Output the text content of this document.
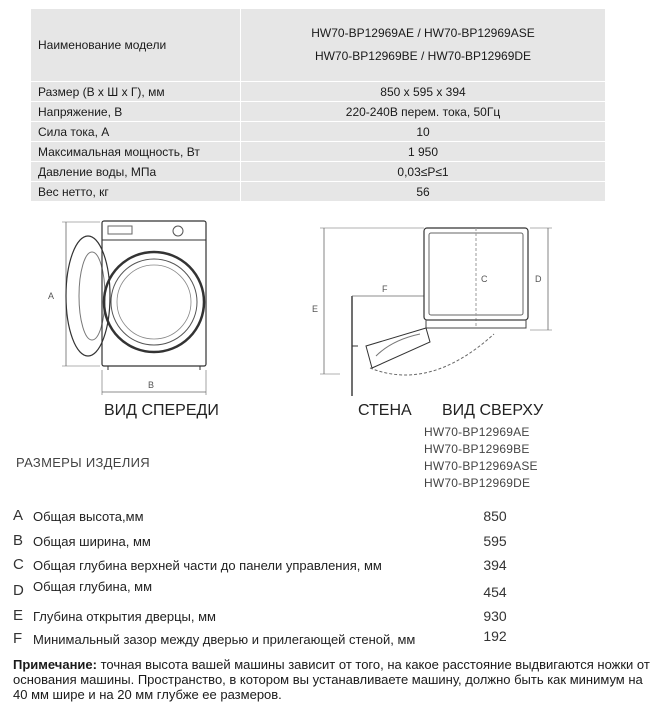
Наименование модели	HW70-BP12969AE / HW70-BP12969ASE
HW70-BP12969BE / HW70-BP12969DE

Размер (В х Ш х Г), мм	850 х 595 х 394
Напряжение, В	220-240В перем. тока, 50Гц
Сила тока, А	10
Максимальная мощность, Вт	1 950
Давление воды, МПа	0,03≤P≤1
Вес нетто, кг	56
A
B
E
F
C	D
ВИД СПЕРЕДИ	СТЕНА ВИД СВЕРХУ
HW70-BP12969AE
HW70-BP12969BE
HW70-BP12969ASE
HW70-BP12969DE
РАЗМЕРЫ ИЗДЕЛИЯ
A Общая высота,мм	850
B Общая ширина, мм	595
C Общая глубина верхней части до панели управления, мм	394
D Общая глубина, мм	454
E Глубина открытия дверцы, мм	930
F Минимальный зазор между дверью и прилегающей стеной, мм	192
Примечание: точная высота вашей машины зависит от того, на какое расстояние выдвигаются ножки от основания машины. Пространство, в котором вы устанавливаете машину, должно быть как минимум на 40 мм шире и на 20 мм глубже ее размеров.
